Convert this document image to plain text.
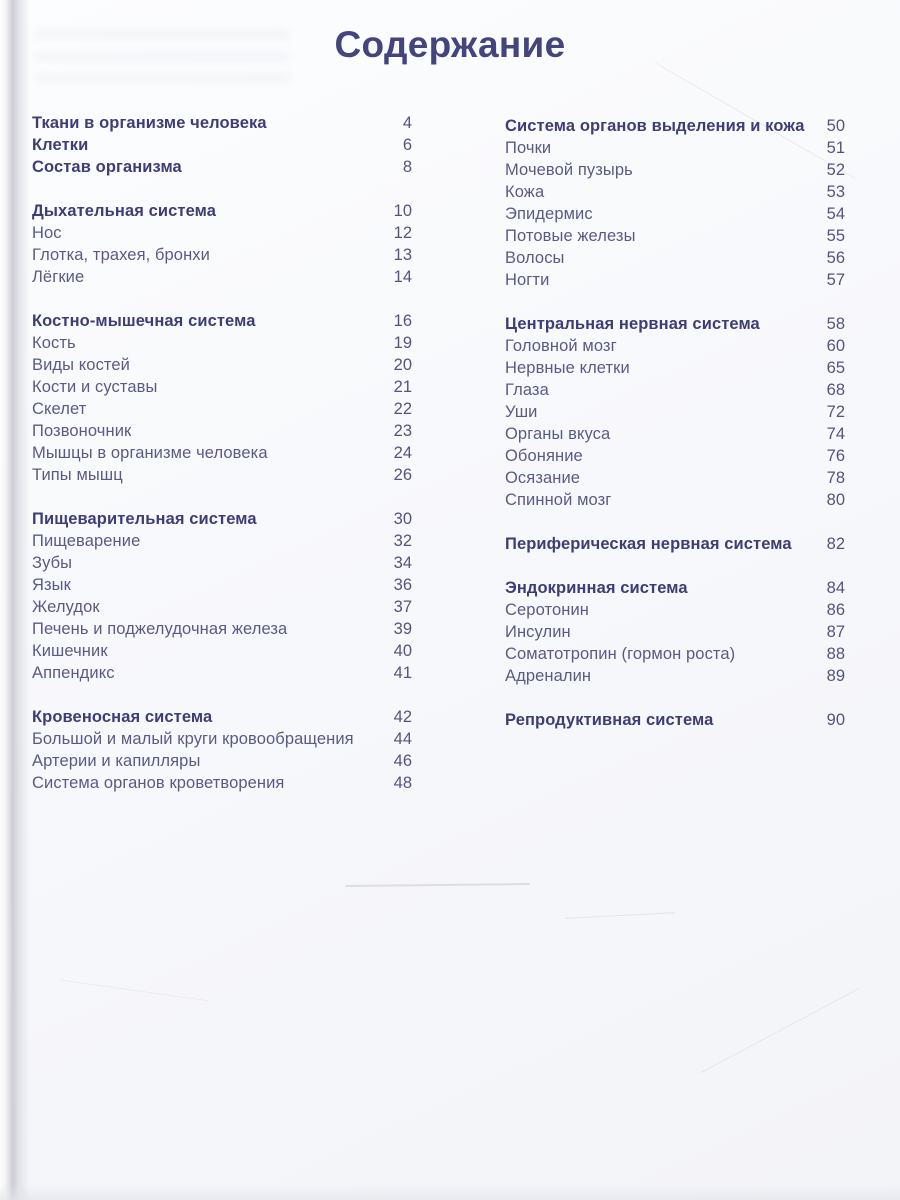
Содержание
Ткани в организме человека	4
Клетки	6
Состав организма	8
Дыхательная система	10
Нос	12
Глотка, трахея, бронхи	13
Лёгкие	14
Костно-мышечная система	16
Кость	19
Виды костей	20
Кости и суставы	21
Скелет	22
Позвоночник	23
Мышцы в организме человека	24
Типы мышц	26
Пищеварительная система	30
Пищеварение	32
Зубы	34
Язык	36
Желудок	37
Печень и поджелудочная железа	39
Кишечник	40
Аппендикс	41
Кровеносная система	42
Большой и малый круги кровообращения	44
Артерии и капилляры	46
Система органов кроветворения	48
Система органов выделения и кожа	50
Почки	51
Мочевой пузырь	52
Кожа	53
Эпидермис	54
Потовые железы	55
Волосы	56
Ногти	57
Центральная нервная система	58
Головной мозг	60
Нервные клетки	65
Глаза	68
Уши	72
Органы вкуса	74
Обоняние	76
Осязание	78
Спинной мозг	80
Периферическая нервная система	82
Эндокринная система	84
Серотонин	86
Инсулин	87
Соматотропин (гормон роста)	88
Адреналин	89
Репродуктивная система	90
